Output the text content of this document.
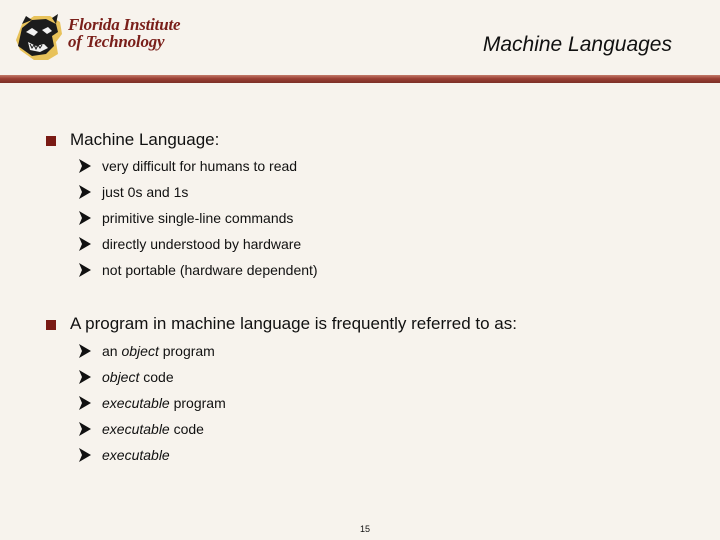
Florida Institute
of Technology	Machine Languages
Machine Language:
very difficult for humans to read
just 0s and 1s
primitive single-line commands
directly understood by hardware
not portable (hardware dependent)
A program in machine language is frequently referred to as:
an object program
object code
executable program
executable code
executable
15
